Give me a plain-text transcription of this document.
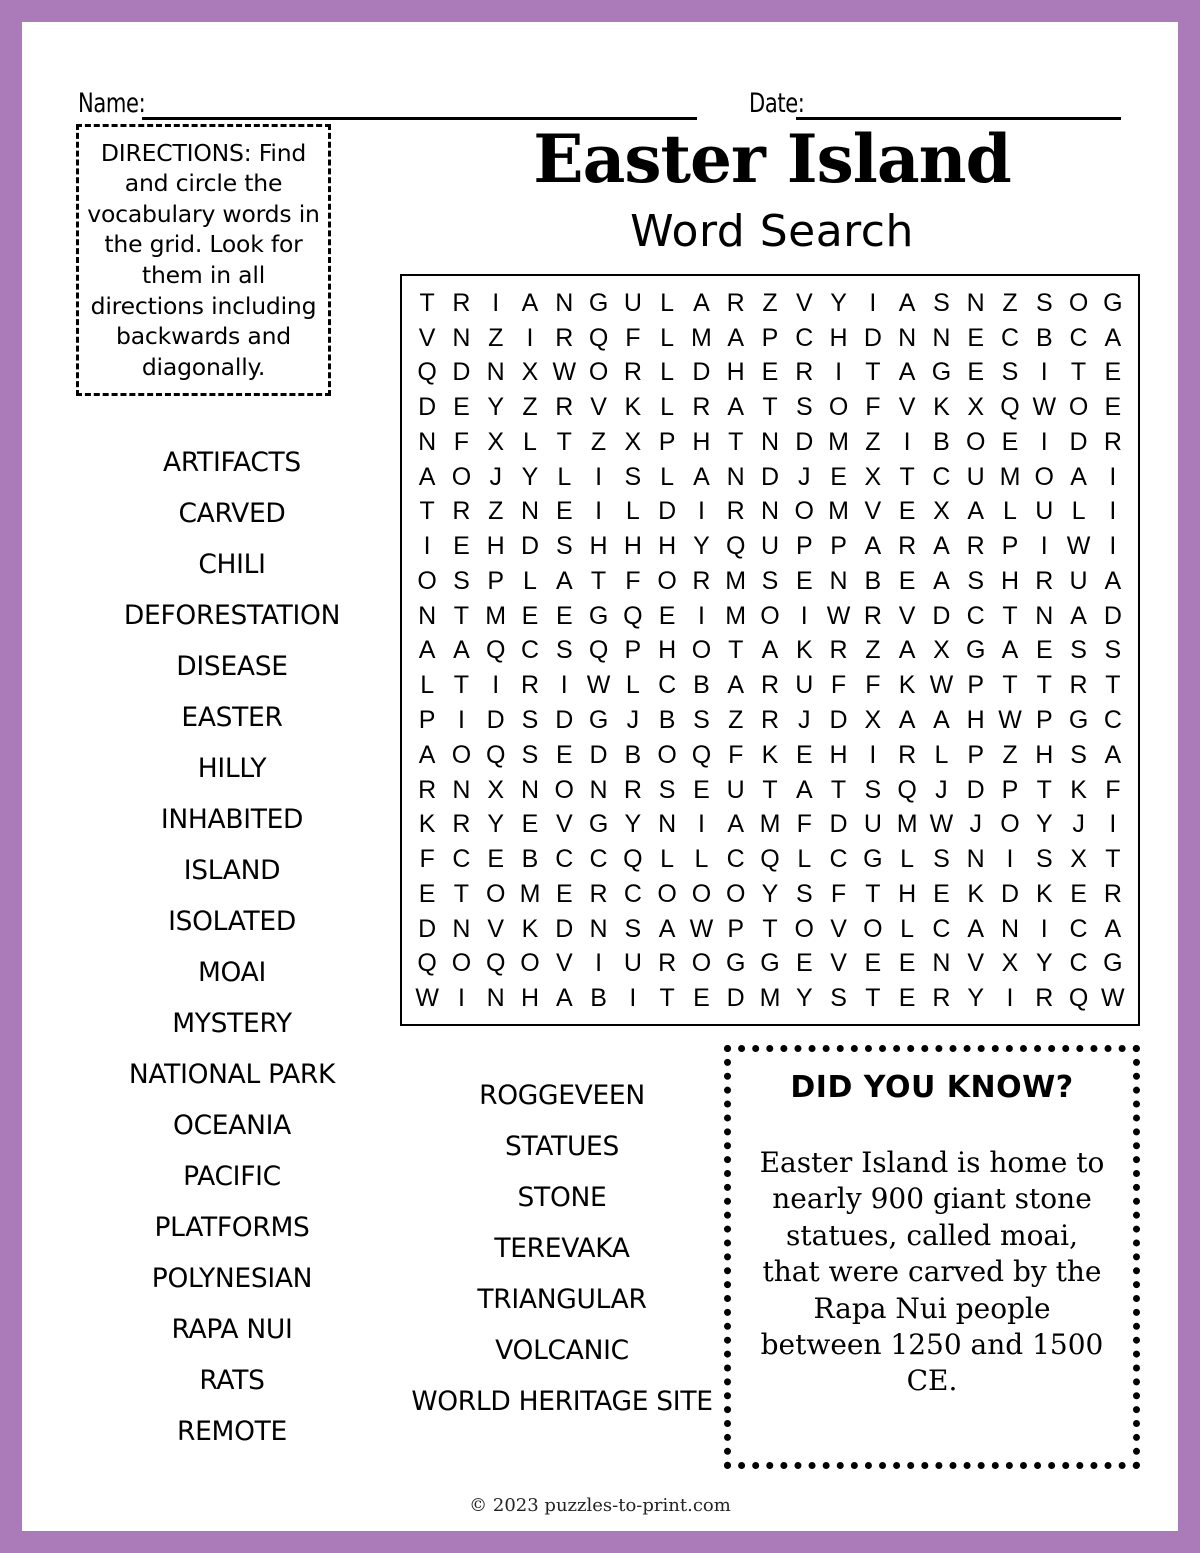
Name:	Date:
DIRECTIONS: Find and circle the vocabulary words in the grid. Look for them in all directions including backwards and diagonally.
Easter Island
Word Search
T R I A N G U L A R Z V Y I A S N Z S O G
V N Z I R Q F L M A P C H D N N E C B C A
Q D N X W O R L D H E R I T A G E S I T E
D E Y Z R V K L R A T S O F V K X Q W O E
N F X L T Z X P H T N D M Z I B O E I D R
A O J Y L I S L A N D J E X T C U M O A I
T R Z N E I L D I R N O M V E X A L U L I
I E H D S H H H Y Q U P P A R A R P I W I
O S P L A T F O R M S E N B E A S H R U A
N T M E E G Q E I M O I W R V D C T N A D
A A Q C S Q P H O T A K R Z A X G A E S S
L T I R I W L C B A R U F F K W P T T R T
P I D S D G J B S Z R J D X A A H W P G C
A O Q S E D B O Q F K E H I R L P Z H S A
R N X N O N R S E U T A T S Q J D P T K F
K R Y E V G Y N I A M F D U M W J O Y J I
F C E B C C Q L L C Q L C G L S N I S X T
E T O M E R C O O O Y S F T H E K D K E R
D N V K D N S A W P T O V O L C A N I C A
Q O Q O V I U R O G G E V E E N V X Y C G
W I N H A B I T E D M Y S T E R Y I R Q W
ARTIFACTS
CARVED
CHILI
DEFORESTATION
DISEASE
EASTER
HILLY
INHABITED
ISLAND
ISOLATED
MOAI
MYSTERY
NATIONAL PARK
OCEANIA
PACIFIC
PLATFORMS
POLYNESIAN
RAPA NUI
RATS
REMOTE
ROGGEVEEN
STATUES
STONE
TEREVAKA
TRIANGULAR
VOLCANIC
WORLD HERITAGE SITE
DID YOU KNOW?
Easter Island is home to nearly 900 giant stone statues, called moai, that were carved by the Rapa Nui people between 1250 and 1500 CE.
© 2023 puzzles-to-print.com
